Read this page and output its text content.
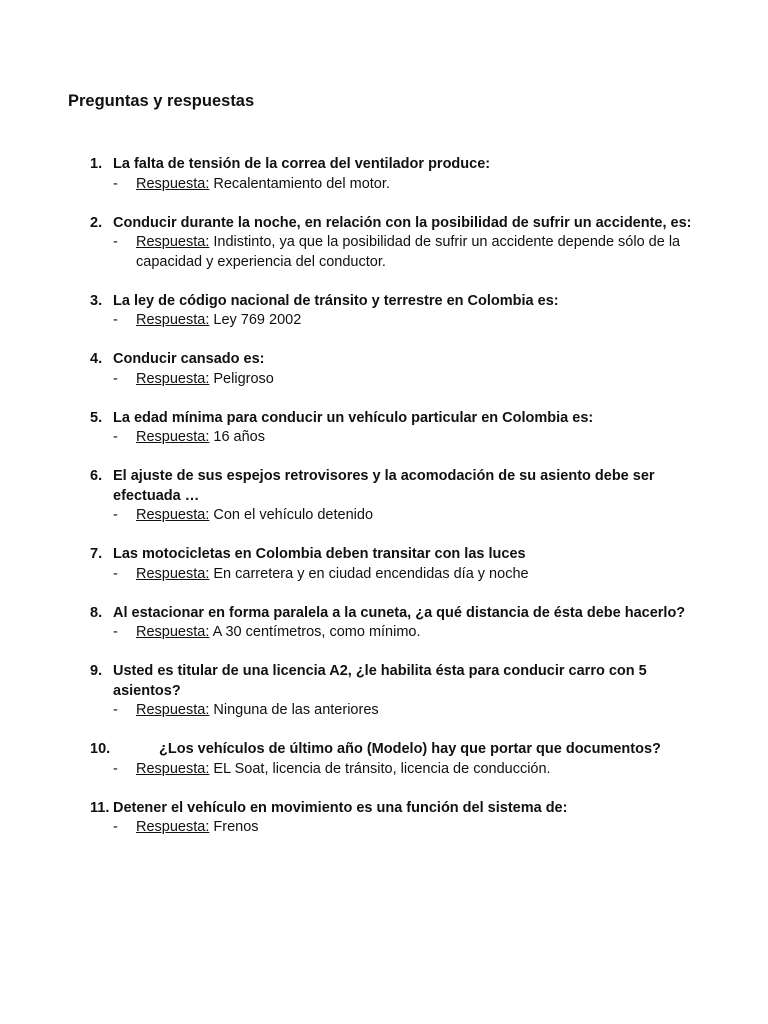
Preguntas y respuestas
1. La falta de tensión de la correa del ventilador produce:
- Respuesta: Recalentamiento del motor.
2. Conducir durante la noche, en relación con la posibilidad de sufrir un accidente, es:
- Respuesta: Indistinto, ya que la posibilidad de sufrir un accidente depende sólo de la capacidad y experiencia del conductor.
3. La ley de código nacional de tránsito y terrestre en Colombia es:
- Respuesta: Ley 769 2002
4. Conducir cansado es:
- Respuesta: Peligroso
5. La edad mínima para conducir un vehículo particular en Colombia es:
- Respuesta: 16 años
6. El ajuste de sus espejos retrovisores y la acomodación de su asiento debe ser efectuada …
- Respuesta: Con el vehículo detenido
7. Las motocicletas en Colombia deben transitar con las luces
- Respuesta: En carretera y en ciudad encendidas día y noche
8. Al estacionar en forma paralela a la cuneta, ¿a qué distancia de ésta debe hacerlo?
- Respuesta: A 30 centímetros, como mínimo.
9. Usted es titular de una licencia A2, ¿le habilita ésta para conducir carro con 5 asientos?
- Respuesta: Ninguna de las anteriores
10.	¿Los vehículos de último año (Modelo) hay que portar que documentos?
- Respuesta: EL Soat, licencia de tránsito, licencia de conducción.
11. Detener el vehículo en movimiento es una función del sistema de:
- Respuesta: Frenos
